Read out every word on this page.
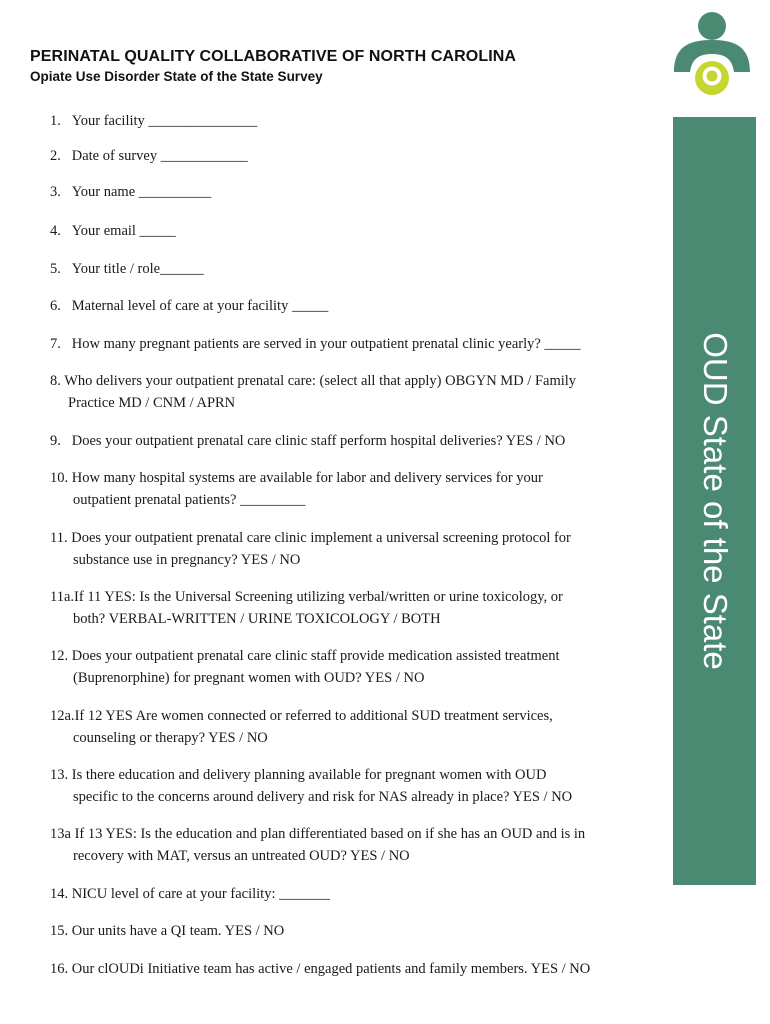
PERINATAL QUALITY COLLABORATIVE OF NORTH CAROLINA
Opiate Use Disorder State of the State Survey
OUD State of the State
1. Your facility _______________
2. Date of survey ____________
3. Your name __________
4. Your email _____
5. Your title / role______
6. Maternal level of care at your facility _____
7. How many pregnant patients are served in your outpatient prenatal clinic yearly? _____
8. Who delivers your outpatient prenatal care: (select all that apply) OBGYN MD / Family
Practice MD / CNM / APRN
9. Does your outpatient prenatal care clinic staff perform hospital deliveries? YES / NO
10. How many hospital systems are available for labor and delivery services for your
outpatient prenatal patients? _________
11. Does your outpatient prenatal care clinic implement a universal screening protocol for
substance use in pregnancy? YES / NO
11a.If 11 YES: Is the Universal Screening utilizing verbal/written or urine toxicology, or
both? VERBAL-WRITTEN / URINE TOXICOLOGY / BOTH
12. Does your outpatient prenatal care clinic staff provide medication assisted treatment
(Buprenorphine) for pregnant women with OUD? YES / NO
12a.If 12 YES Are women connected or referred to additional SUD treatment services,
counseling or therapy? YES / NO
13. Is there education and delivery planning available for pregnant women with OUD
specific to the concerns around delivery and risk for NAS already in place? YES / NO
13a If 13 YES: Is the education and plan differentiated based on if she has an OUD and is in
recovery with MAT, versus an untreated OUD? YES / NO
14. NICU level of care at your facility: _______
15. Our units have a QI team. YES / NO
16. Our clOUDi Initiative team has active / engaged patients and family members. YES / NO
